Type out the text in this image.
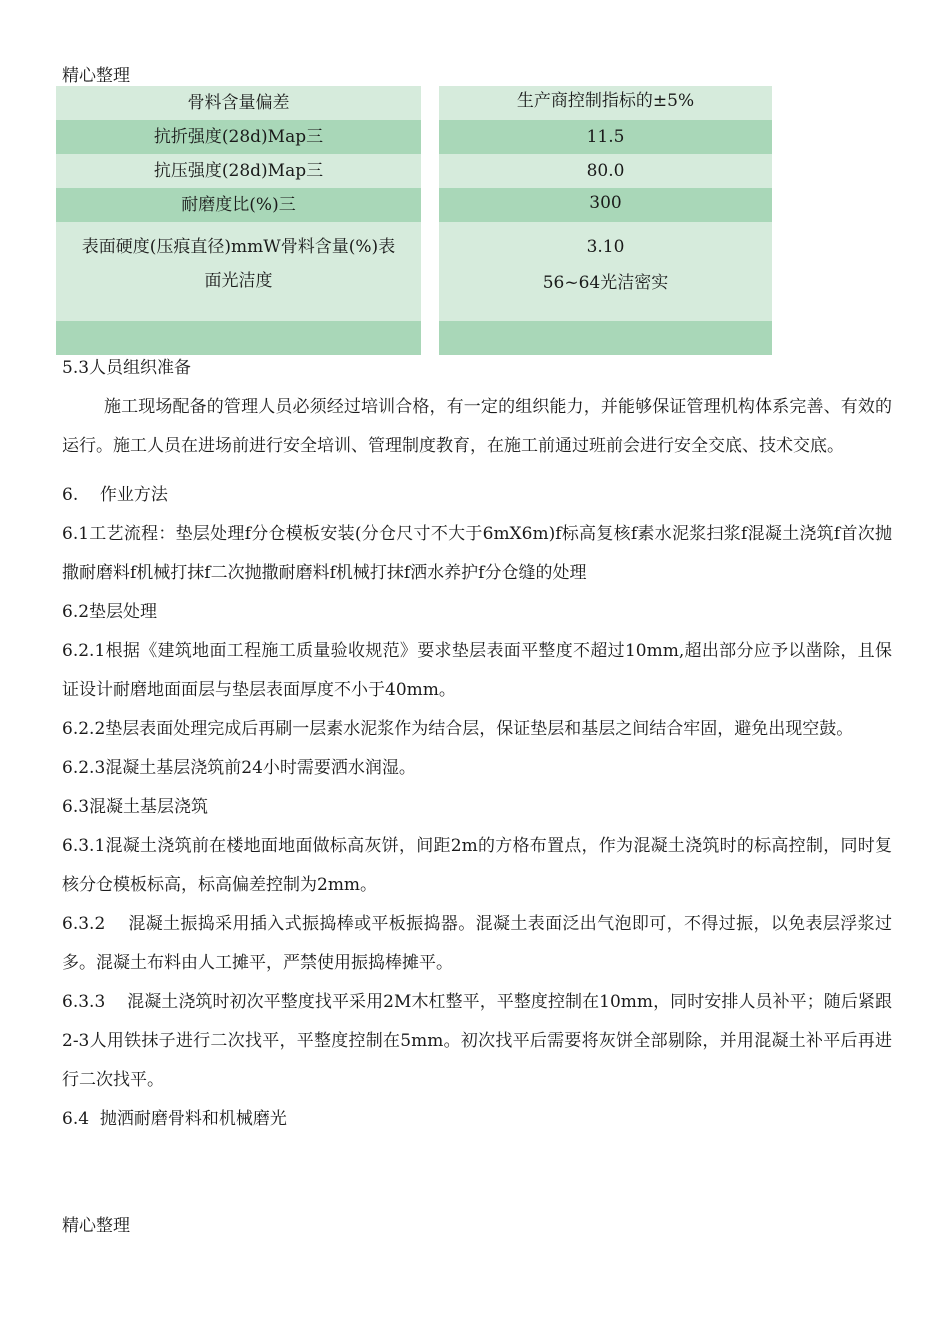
精心整理
骨料含量偏差
抗折强度(28d)Map三
抗压强度(28d)Map三
耐磨度比(%)三
表面硬度(压痕直径)mmW骨料含量(%)表
面光洁度
生产商控制指标的±5%
11.5
80.0
300
3.10
56~64光洁密实

5.3人员组织准备

施工现场配备的管理人员必须经过培训合格，有一定的组织能力，并能够保证管理机构体系完善、有效的运行。施工人员在进场前进行安全培训、管理制度教育，在施工前通过班前会进行安全交底、技术交底。

6.    作业方法

6.1工艺流程：垫层处理f分仓模板安装(分仓尺寸不大于6mX6m)f标高复核f素水泥浆扫浆f混凝土浇筑f首次抛撒耐磨料f机械打抹f二次抛撒耐磨料f机械打抹f洒水养护f分仓缝的处理

6.2垫层处理

6.2.1根据《建筑地面工程施工质量验收规范》要求垫层表面平整度不超过10mm,超出部分应予以凿除，且保证设计耐磨地面面层与垫层表面厚度不小于40mm。

6.2.2垫层表面处理完成后再刷一层素水泥浆作为结合层，保证垫层和基层之间结合牢固，避免出现空鼓。

6.2.3混凝土基层浇筑前24小时需要洒水润湿。

6.3混凝土基层浇筑

6.3.1混凝土浇筑前在楼地面地面做标高灰饼，间距2m的方格布置点，作为混凝土浇筑时的标高控制，同时复核分仓模板标高，标高偏差控制为2mm。

6.3.2    混凝土振捣采用插入式振捣棒或平板振捣器。混凝土表面泛出气泡即可，不得过振，以免表层浮浆过多。混凝土布料由人工摊平，严禁使用振捣棒摊平。

6.3.3    混凝土浇筑时初次平整度找平采用2M木杠整平，平整度控制在10mm，同时安排人员补平；随后紧跟2-3人用铁抹子进行二次找平，平整度控制在5mm。初次找平后需要将灰饼全部剔除，并用混凝土补平后再进行二次找平。

6.4  抛洒耐磨骨料和机械磨光

精心整理
